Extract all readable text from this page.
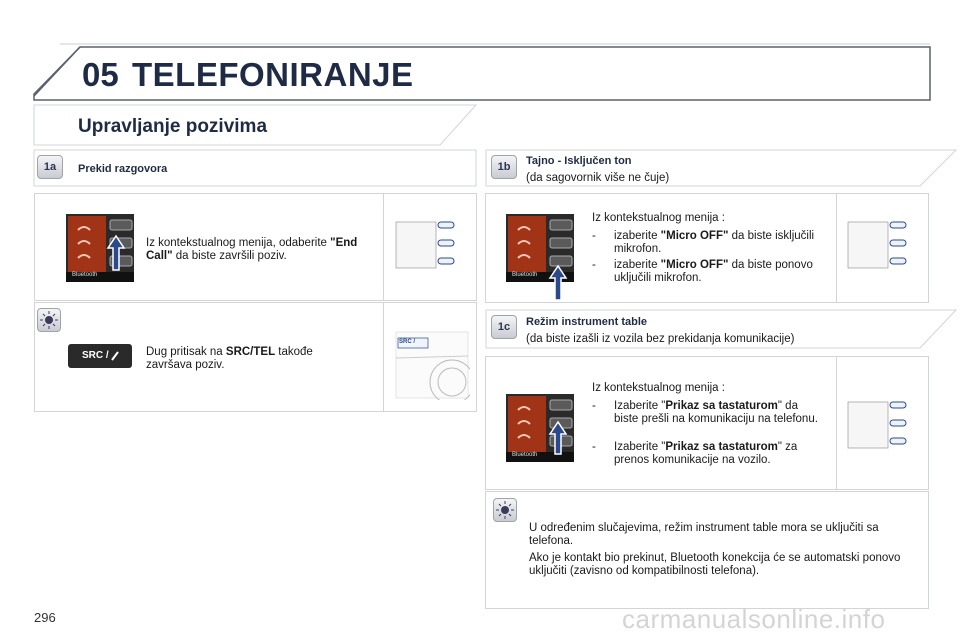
05 TELEFONIRANJE
Upravljanje pozivima
1a	Prekid razgovora
Bluetooth
Iz kontekstualnog menija, odaberite "End Call" da biste završili poziv.
SRC /	Dug pritisak na SRC/TEL takođe završava poziv.
SRC /
1b	Tajno - Isključen ton
(da sagovornik više ne čuje)
Bluetooth
Iz kontekstualnog menija :
- izaberite "Micro OFF" da biste isključili mikrofon.
- izaberite "Micro OFF" da biste ponovo uključili mikrofon.
1c	Režim instrument table
(da biste izašli iz vozila bez prekidanja komunikacije)
Bluetooth
Iz kontekstualnog menija :
- Izaberite "Prikaz sa tastaturom" da biste prešli na komunikaciju na telefonu.
- Izaberite "Prikaz sa tastaturom" za prenos komunikacije na vozilo.
U određenim slučajevima, režim instrument table mora se uključiti sa telefona.
Ako je kontakt bio prekinut, Bluetooth konekcija će se automatski ponovo uključiti (zavisno od kompatibilnosti telefona).
296	carmanualsonline.info
